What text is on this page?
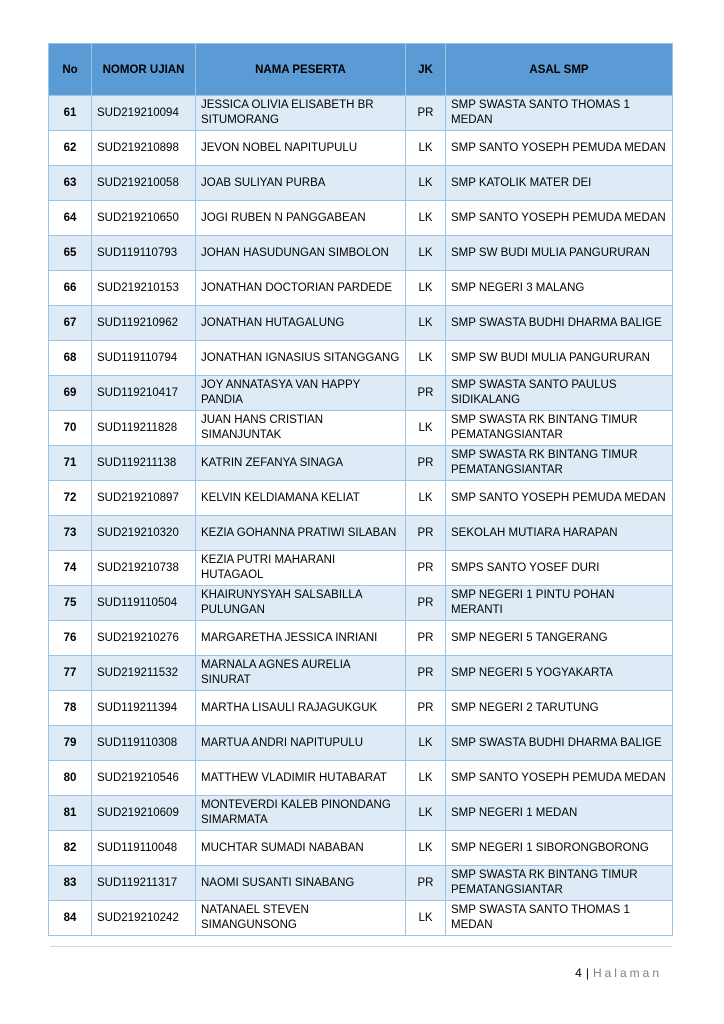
No	NOMOR UJIAN	NAMA PESERTA	JK	ASAL SMP
61	SUD219210094	JESSICA OLIVIA ELISABETH BR SITUMORANG	PR	SMP SWASTA SANTO THOMAS 1 MEDAN
62	SUD219210898	JEVON NOBEL NAPITUPULU	LK	SMP SANTO YOSEPH PEMUDA MEDAN
63	SUD219210058	JOAB SULIYAN PURBA	LK	SMP KATOLIK MATER DEI
64	SUD219210650	JOGI RUBEN N PANGGABEAN	LK	SMP SANTO YOSEPH PEMUDA MEDAN
65	SUD119110793	JOHAN HASUDUNGAN SIMBOLON	LK	SMP SW BUDI MULIA PANGURURAN
66	SUD219210153	JONATHAN DOCTORIAN PARDEDE	LK	SMP NEGERI 3 MALANG
67	SUD119210962	JONATHAN HUTAGALUNG	LK	SMP SWASTA BUDHI DHARMA BALIGE
68	SUD119110794	JONATHAN IGNASIUS SITANGGANG	LK	SMP SW BUDI MULIA PANGURURAN
69	SUD119210417	JOY ANNATASYA VAN HAPPY PANDIA	PR	SMP SWASTA SANTO PAULUS SIDIKALANG
70	SUD119211828	JUAN HANS CRISTIAN SIMANJUNTAK	LK	SMP SWASTA RK BINTANG TIMUR PEMATANGSIANTAR
71	SUD119211138	KATRIN ZEFANYA SINAGA	PR	SMP SWASTA RK BINTANG TIMUR PEMATANGSIANTAR
72	SUD219210897	KELVIN KELDIAMANA KELIAT	LK	SMP SANTO YOSEPH PEMUDA MEDAN
73	SUD219210320	KEZIA GOHANNA PRATIWI SILABAN	PR	SEKOLAH MUTIARA HARAPAN
74	SUD219210738	KEZIA PUTRI MAHARANI HUTAGAOL	PR	SMPS SANTO YOSEF DURI
75	SUD119110504	KHAIRUNYSYAH SALSABILLA PULUNGAN	PR	SMP NEGERI 1 PINTU POHAN MERANTI
76	SUD219210276	MARGARETHA JESSICA INRIANI	PR	SMP NEGERI 5 TANGERANG
77	SUD219211532	MARNALA AGNES AURELIA SINURAT	PR	SMP NEGERI 5 YOGYAKARTA
78	SUD119211394	MARTHA LISAULI RAJAGUKGUK	PR	SMP NEGERI 2 TARUTUNG
79	SUD119110308	MARTUA ANDRI NAPITUPULU	LK	SMP SWASTA BUDHI DHARMA BALIGE
80	SUD219210546	MATTHEW VLADIMIR HUTABARAT	LK	SMP SANTO YOSEPH PEMUDA MEDAN
81	SUD219210609	MONTEVERDI KALEB PINONDANG SIMARMATA	LK	SMP NEGERI 1 MEDAN
82	SUD119110048	MUCHTAR SUMADI NABABAN	LK	SMP NEGERI 1 SIBORONGBORONG
83	SUD119211317	NAOMI SUSANTI SINABANG	PR	SMP SWASTA RK BINTANG TIMUR PEMATANGSIANTAR
84	SUD219210242	NATANAEL STEVEN SIMANGUNSONG	LK	SMP SWASTA SANTO THOMAS 1 MEDAN
4 | Halaman
